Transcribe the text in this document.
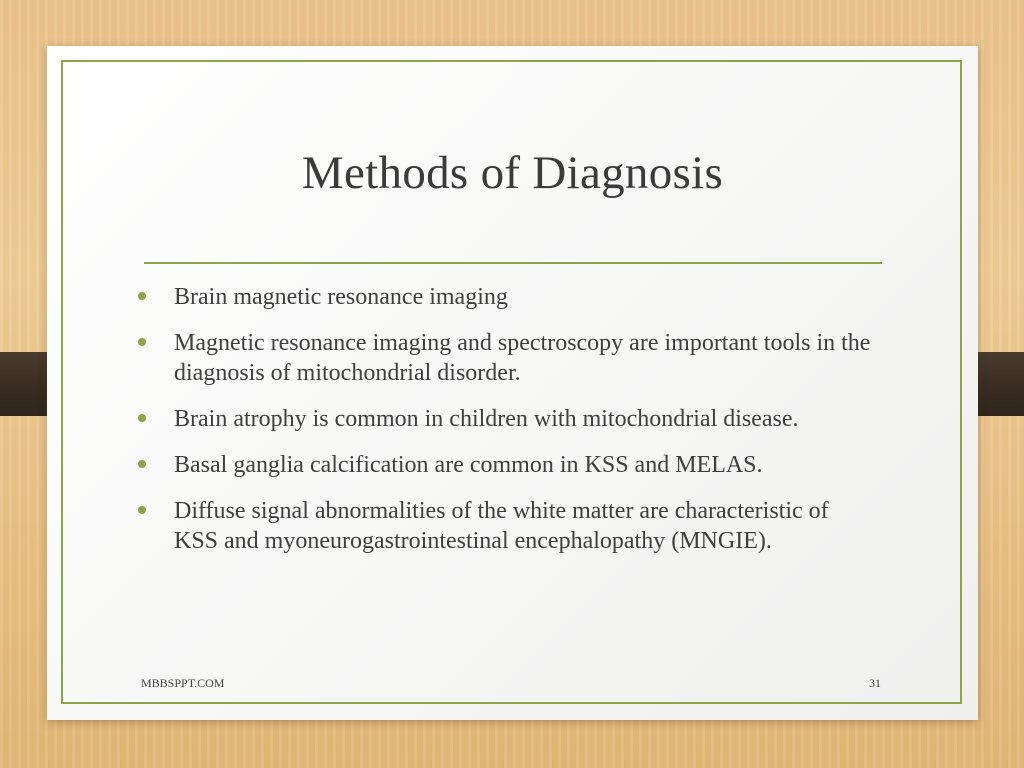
Methods of Diagnosis
Brain magnetic resonance imaging
Magnetic resonance imaging and spectroscopy are important tools in the diagnosis of mitochondrial disorder.
Brain atrophy is common in children with mitochondrial disease.
Basal ganglia calcification are common in KSS and MELAS.
Diffuse signal abnormalities of the white matter are characteristic of KSS and myoneurogastrointestinal encephalopathy (MNGIE).
MBBSPPT.COM	31
